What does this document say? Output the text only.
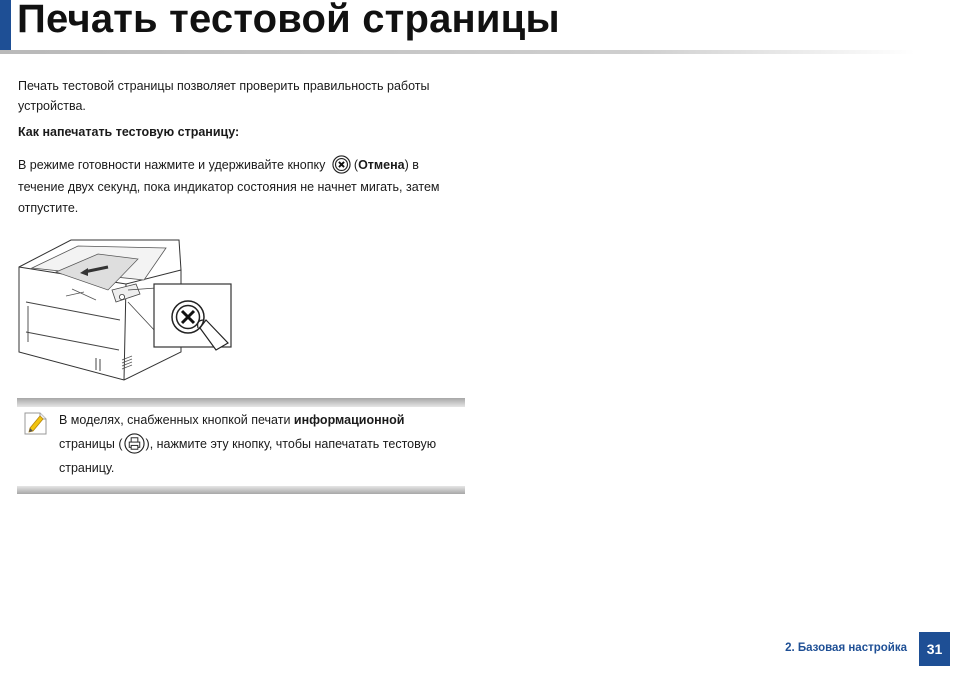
Печать тестовой страницы

Печать тестовой страницы позволяет проверить правильность работы устройства.

Как напечатать тестовую страницу:

В режиме готовности нажмите и удерживайте кнопку (Отмена) в течение двух секунд, пока индикатор состояния не начнет мигать, затем отпустите.

В моделях, снабженных кнопкой печати информационной
страницы ( ), нажмите эту кнопку, чтобы напечатать тестовую страницу.

2. Базовая настройка	31
